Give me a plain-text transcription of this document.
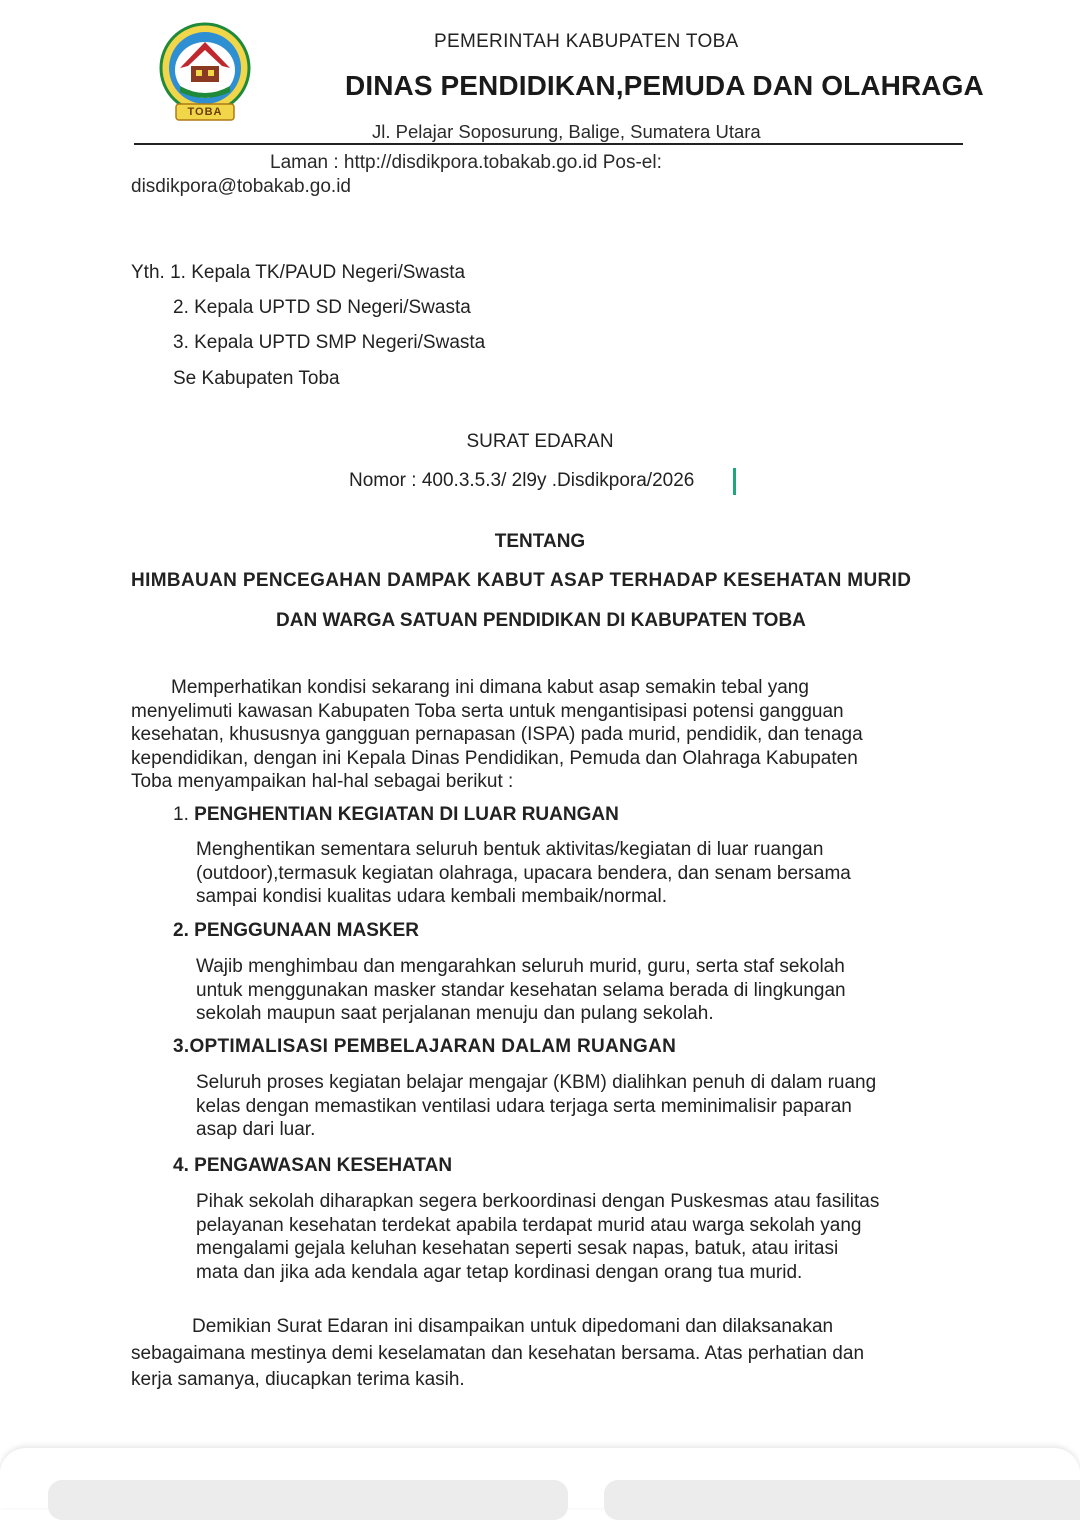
TOBA
PEMERINTAH KABUPATEN TOBA
DINAS PENDIDIKAN,PEMUDA DAN OLAHRAGA
Jl. Pelajar Soposurung, Balige, Sumatera Utara
Laman : http://disdikpora.tobakab.go.id Pos-el:
disdikpora@tobakab.go.id
Yth. 1. Kepala TK/PAUD Negeri/Swasta
2. Kepala UPTD SD Negeri/Swasta
3. Kepala UPTD SMP Negeri/Swasta
Se Kabupaten Toba
SURAT EDARAN
Nomor : 400.3.5.3/ 2l9y .Disdikpora/2026
TENTANG
HIMBAUAN PENCEGAHAN DAMPAK KABUT ASAP TERHADAP KESEHATAN MURID
DAN WARGA SATUAN PENDIDIKAN DI KABUPATEN TOBA
Memperhatikan kondisi sekarang ini dimana kabut asap semakin tebal yang
menyelimuti kawasan Kabupaten Toba serta untuk mengantisipasi potensi gangguan
kesehatan, khususnya gangguan pernapasan (ISPA) pada murid, pendidik, dan tenaga
kependidikan, dengan ini Kepala Dinas Pendidikan, Pemuda dan Olahraga Kabupaten
Toba menyampaikan hal-hal sebagai berikut :
1. PENGHENTIAN KEGIATAN DI LUAR RUANGAN
Menghentikan sementara seluruh bentuk aktivitas/kegiatan di luar ruangan
(outdoor),termasuk kegiatan olahraga, upacara bendera, dan senam bersama
sampai kondisi kualitas udara kembali membaik/normal.
2. PENGGUNAAN MASKER
Wajib menghimbau dan mengarahkan seluruh murid, guru, serta staf sekolah
untuk menggunakan masker standar kesehatan selama berada di lingkungan
sekolah maupun saat perjalanan menuju dan pulang sekolah.
3.OPTIMALISASI PEMBELAJARAN DALAM RUANGAN
Seluruh proses kegiatan belajar mengajar (KBM) dialihkan penuh di dalam ruang
kelas dengan memastikan ventilasi udara terjaga serta meminimalisir paparan
asap dari luar.
4. PENGAWASAN KESEHATAN
Pihak sekolah diharapkan segera berkoordinasi dengan Puskesmas atau fasilitas
pelayanan kesehatan terdekat apabila terdapat murid atau warga sekolah yang
mengalami gejala keluhan kesehatan seperti sesak napas, batuk, atau iritasi
mata dan jika ada kendala agar tetap kordinasi dengan orang tua murid.
Demikian Surat Edaran ini disampaikan untuk dipedomani dan dilaksanakan
sebagaimana mestinya demi keselamatan dan kesehatan bersama. Atas perhatian dan
kerja samanya, diucapkan terima kasih.
